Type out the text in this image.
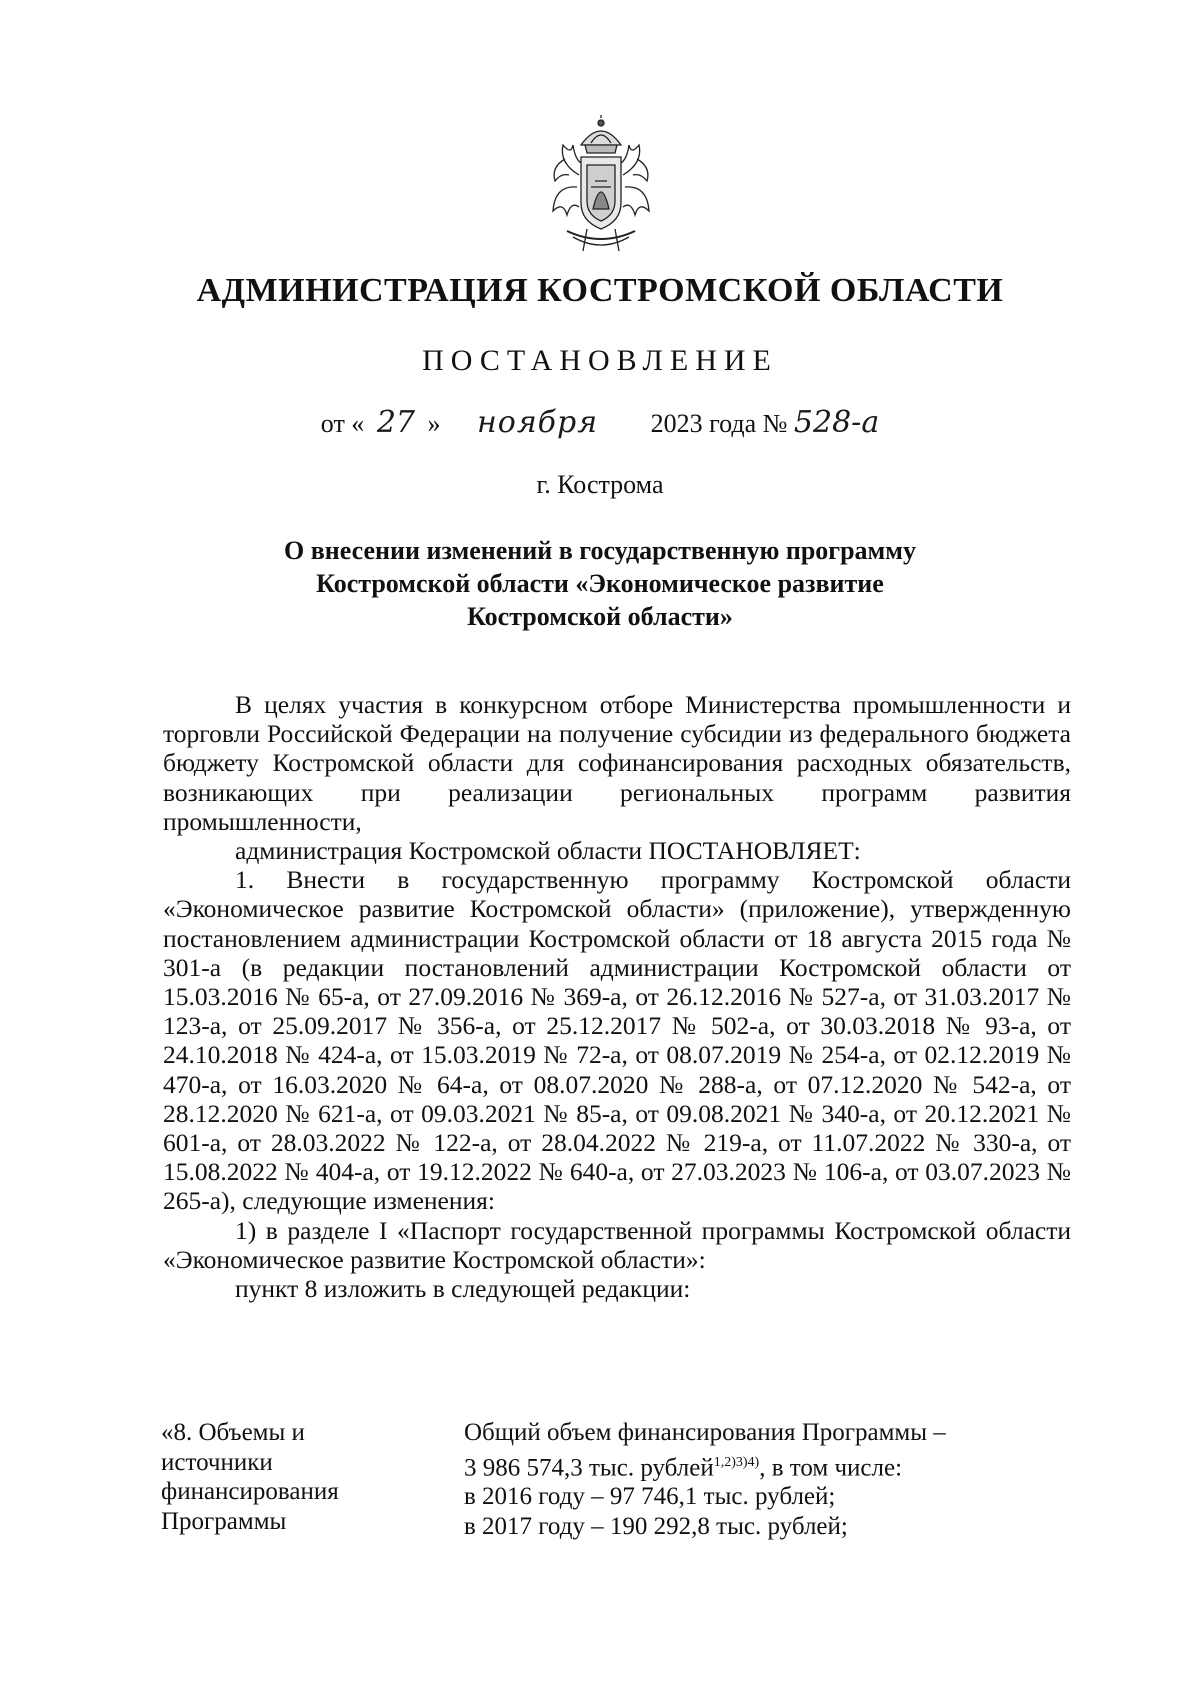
АДМИНИСТРАЦИЯ КОСТРОМСКОЙ ОБЛАСТИ
ПОСТАНОВЛЕНИЕ
от « 27 » ноября 2023 года № 528-а
г. Кострома
О внесении изменений в государственную программу
Костромской области «Экономическое развитие
Костромской области»

В целях участия в конкурсном отборе Министерства промышленности и торговли Российской Федерации на получение субсидии из федерального бюджета бюджету Костромской области для софинансирования расходных обязательств, возникающих при реализации региональных программ развития промышленности,

администрация Костромской области ПОСТАНОВЛЯЕТ:

1. Внести в государственную программу Костромской области «Экономическое развитие Костромской области» (приложение), утвержденную постановлением администрации Костромской области от 18 августа 2015 года № 301-а (в редакции постановлений администрации Костромской области от 15.03.2016 № 65-а, от 27.09.2016 № 369-а, от 26.12.2016 № 527-а, от 31.03.2017 № 123-а, от 25.09.2017 № 356-а, от 25.12.2017 № 502-а, от 30.03.2018 № 93-а, от 24.10.2018 № 424-а, от 15.03.2019 № 72-а, от 08.07.2019 № 254-а, от 02.12.2019 № 470-а, от 16.03.2020 № 64-а, от 08.07.2020 № 288-а, от 07.12.2020 № 542-а, от 28.12.2020 № 621-а, от 09.03.2021 № 85-а, от 09.08.2021 № 340-а, от 20.12.2021 № 601-а, от 28.03.2022 № 122-а, от 28.04.2022 № 219-а, от 11.07.2022 № 330-а, от 15.08.2022 № 404-а, от 19.12.2022 № 640-а, от 27.03.2023 № 106-а, от 03.07.2023 № 265-а), следующие изменения:

1) в разделе I «Паспорт государственной программы Костромской области «Экономическое развитие Костромской области»:

пункт 8 изложить в следующей редакции:

«8. Объемы и
источники
финансирования
Программы
Общий объем финансирования Программы –
3 986 574,3 тыс. рублей$^{1,2)3)4)}$, в том числе:
в 2016 году – 97 746,1 тыс. рублей;
в 2017 году – 190 292,8 тыс. рублей;
